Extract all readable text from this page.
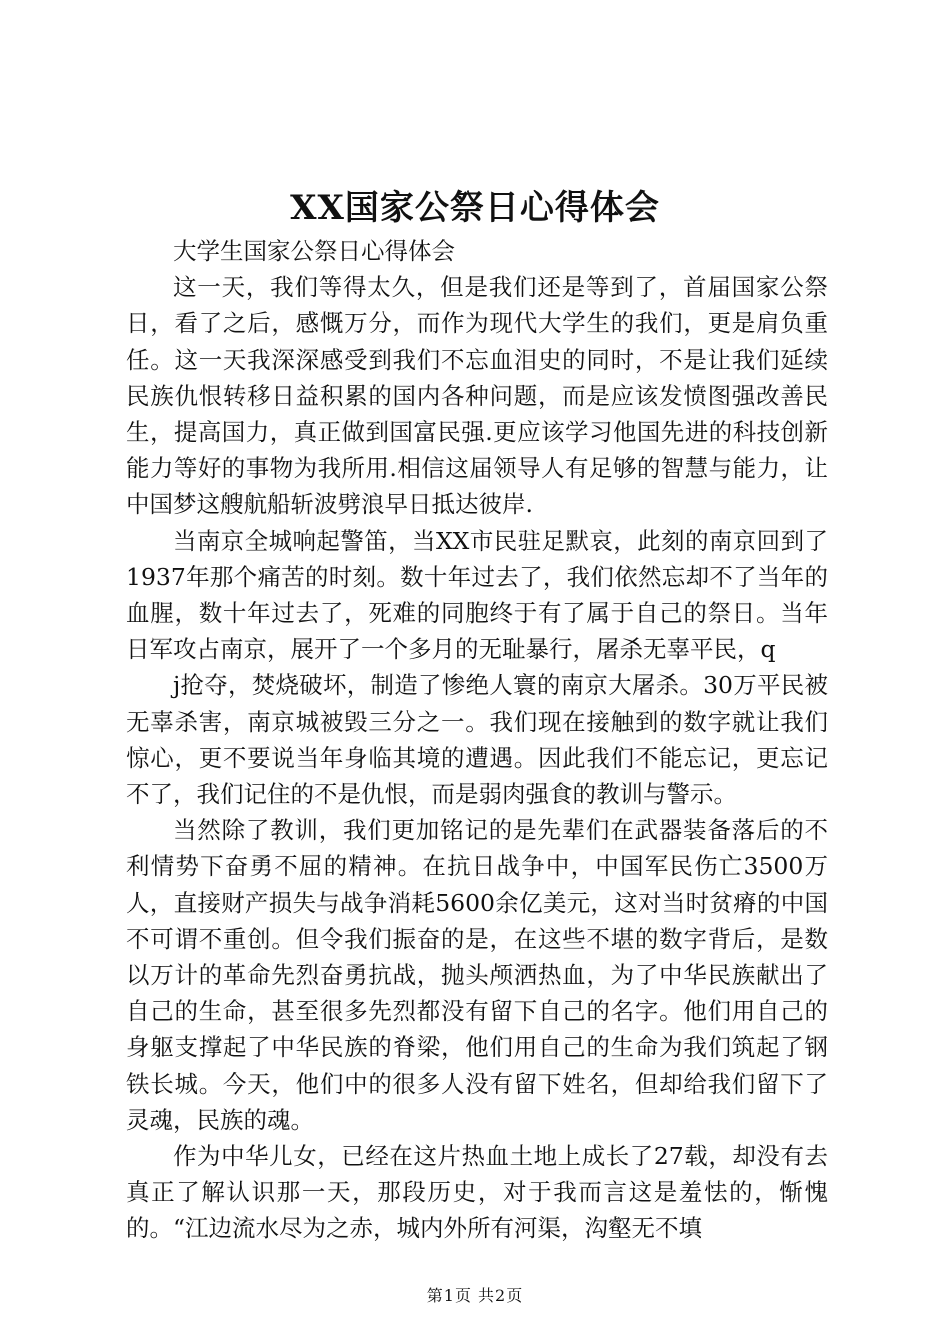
XX国家公祭日心得体会

大学生国家公祭日心得体会

这一天，我们等得太久，但是我们还是等到了，首届国家公祭日，看了之后，感慨万分，而作为现代大学生的我们，更是肩负重任。这一天我深深感受到我们不忘血泪史的同时，不是让我们延续民族仇恨转移日益积累的国内各种问题，而是应该发愤图强改善民生，提高国力，真正做到国富民强.更应该学习他国先进的科技创新能力等好的事物为我所用.相信这届领导人有足够的智慧与能力，让中国梦这艘航船斩波劈浪早日抵达彼岸.

当南京全城响起警笛，当XX市民驻足默哀，此刻的南京回到了1937年那个痛苦的时刻。数十年过去了，我们依然忘却不了当年的血腥，数十年过去了，死难的同胞终于有了属于自己的祭日。当年日军攻占南京，展开了一个多月的无耻暴行，屠杀无辜平民，q

j抢夺，焚烧破坏，制造了惨绝人寰的南京大屠杀。30万平民被无辜杀害，南京城被毁三分之一。我们现在接触到的数字就让我们惊心，更不要说当年身临其境的遭遇。因此我们不能忘记，更忘记不了，我们记住的不是仇恨，而是弱肉强食的教训与警示。

当然除了教训，我们更加铭记的是先辈们在武器装备落后的不利情势下奋勇不屈的精神。在抗日战争中，中国军民伤亡3500万人，直接财产损失与战争消耗5600余亿美元，这对当时贫瘠的中国不可谓不重创。但令我们振奋的是，在这些不堪的数字背后，是数以万计的革命先烈奋勇抗战，抛头颅洒热血，为了中华民族献出了自己的生命，甚至很多先烈都没有留下自己的名字。他们用自己的身躯支撑起了中华民族的脊梁，他们用自己的生命为我们筑起了钢铁长城。今天，他们中的很多人没有留下姓名，但却给我们留下了灵魂，民族的魂。

作为中华儿女，已经在这片热血土地上成长了27载，却没有去真正了解认识那一天，那段历史，对于我而言这是羞怯的，惭愧的。“江边流水尽为之赤，城内外所有河渠，沟壑无不填

第1页 共2页
